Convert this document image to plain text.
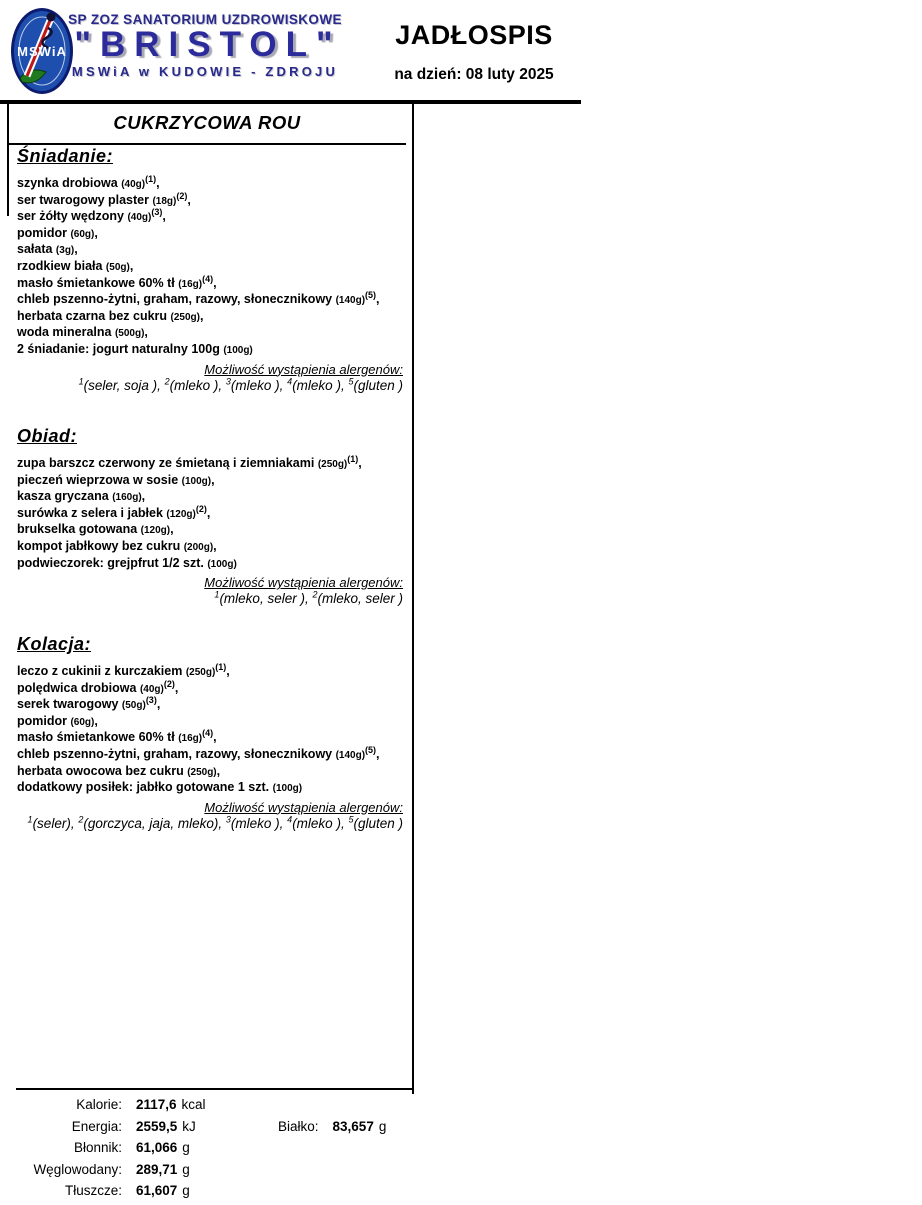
MSWiA
SP ZOZ SANATORIUM UZDROWISKOWE
"BRISTOL"
MSWiA w KUDOWIE - ZDROJU
JADŁOSPIS
na dzień: 08 luty 2025
CUKRZYCOWA ROU
Śniadanie:
szynka drobiowa $(40g)^{(1)}$,
ser twarogowy plaster $(18g)^{(2)}$,
ser żółty wędzony $(40g)^{(3)}$,
pomidor (60g),
sałata (3g),
rzodkiew biała (50g),
masło śmietankowe 60% tł $(16g)^{(4)}$,
chleb pszenno-żytni, graham, razowy, słonecznikowy $(140g)^{(5)}$,
herbata czarna bez cukru (250g),
woda mineralna (500g),
2 śniadanie: jogurt naturalny 100g (100g)
Możliwość wystąpienia alergenów:
$^1$(seler, soja ), $^2$(mleko ), $^3$(mleko ), $^4$(mleko ), $^5$(gluten )
Obiad:
zupa barszcz czerwony ze śmietaną i ziemniakami $(250g)^{(1)}$,
pieczeń wieprzowa w sosie (100g),
kasza gryczana (160g),
surówka z selera i jabłek $(120g)^{(2)}$,
brukselka gotowana (120g),
kompot jabłkowy bez cukru (200g),
podwieczorek: grejpfrut 1/2 szt. (100g)
Możliwość wystąpienia alergenów:
$^1$(mleko, seler ), $^2$(mleko, seler )
Kolacja:
leczo z cukinii z kurczakiem $(250g)^{(1)}$,
polędwica drobiowa $(40g)^{(2)}$,
serek twarogowy $(50g)^{(3)}$,
pomidor (60g),
masło śmietankowe 60% tł $(16g)^{(4)}$,
chleb pszenno-żytni, graham, razowy, słonecznikowy $(140g)^{(5)}$,
herbata owocowa bez cukru (250g),
dodatkowy posiłek: jabłko gotowane 1 szt. (100g)
Możliwość wystąpienia alergenów:
$^1$(seler), $^2$(gorczyca, jaja, mleko), $^3$(mleko ), $^4$(mleko ), $^5$(gluten )
Kalorie: 2117,6 kcal
Energia: 2559,5 kJ	Białko: 83,657 g
Błonnik: 61,066 g
Węglowodany: 289,71 g
Tłuszcze: 61,607 g
